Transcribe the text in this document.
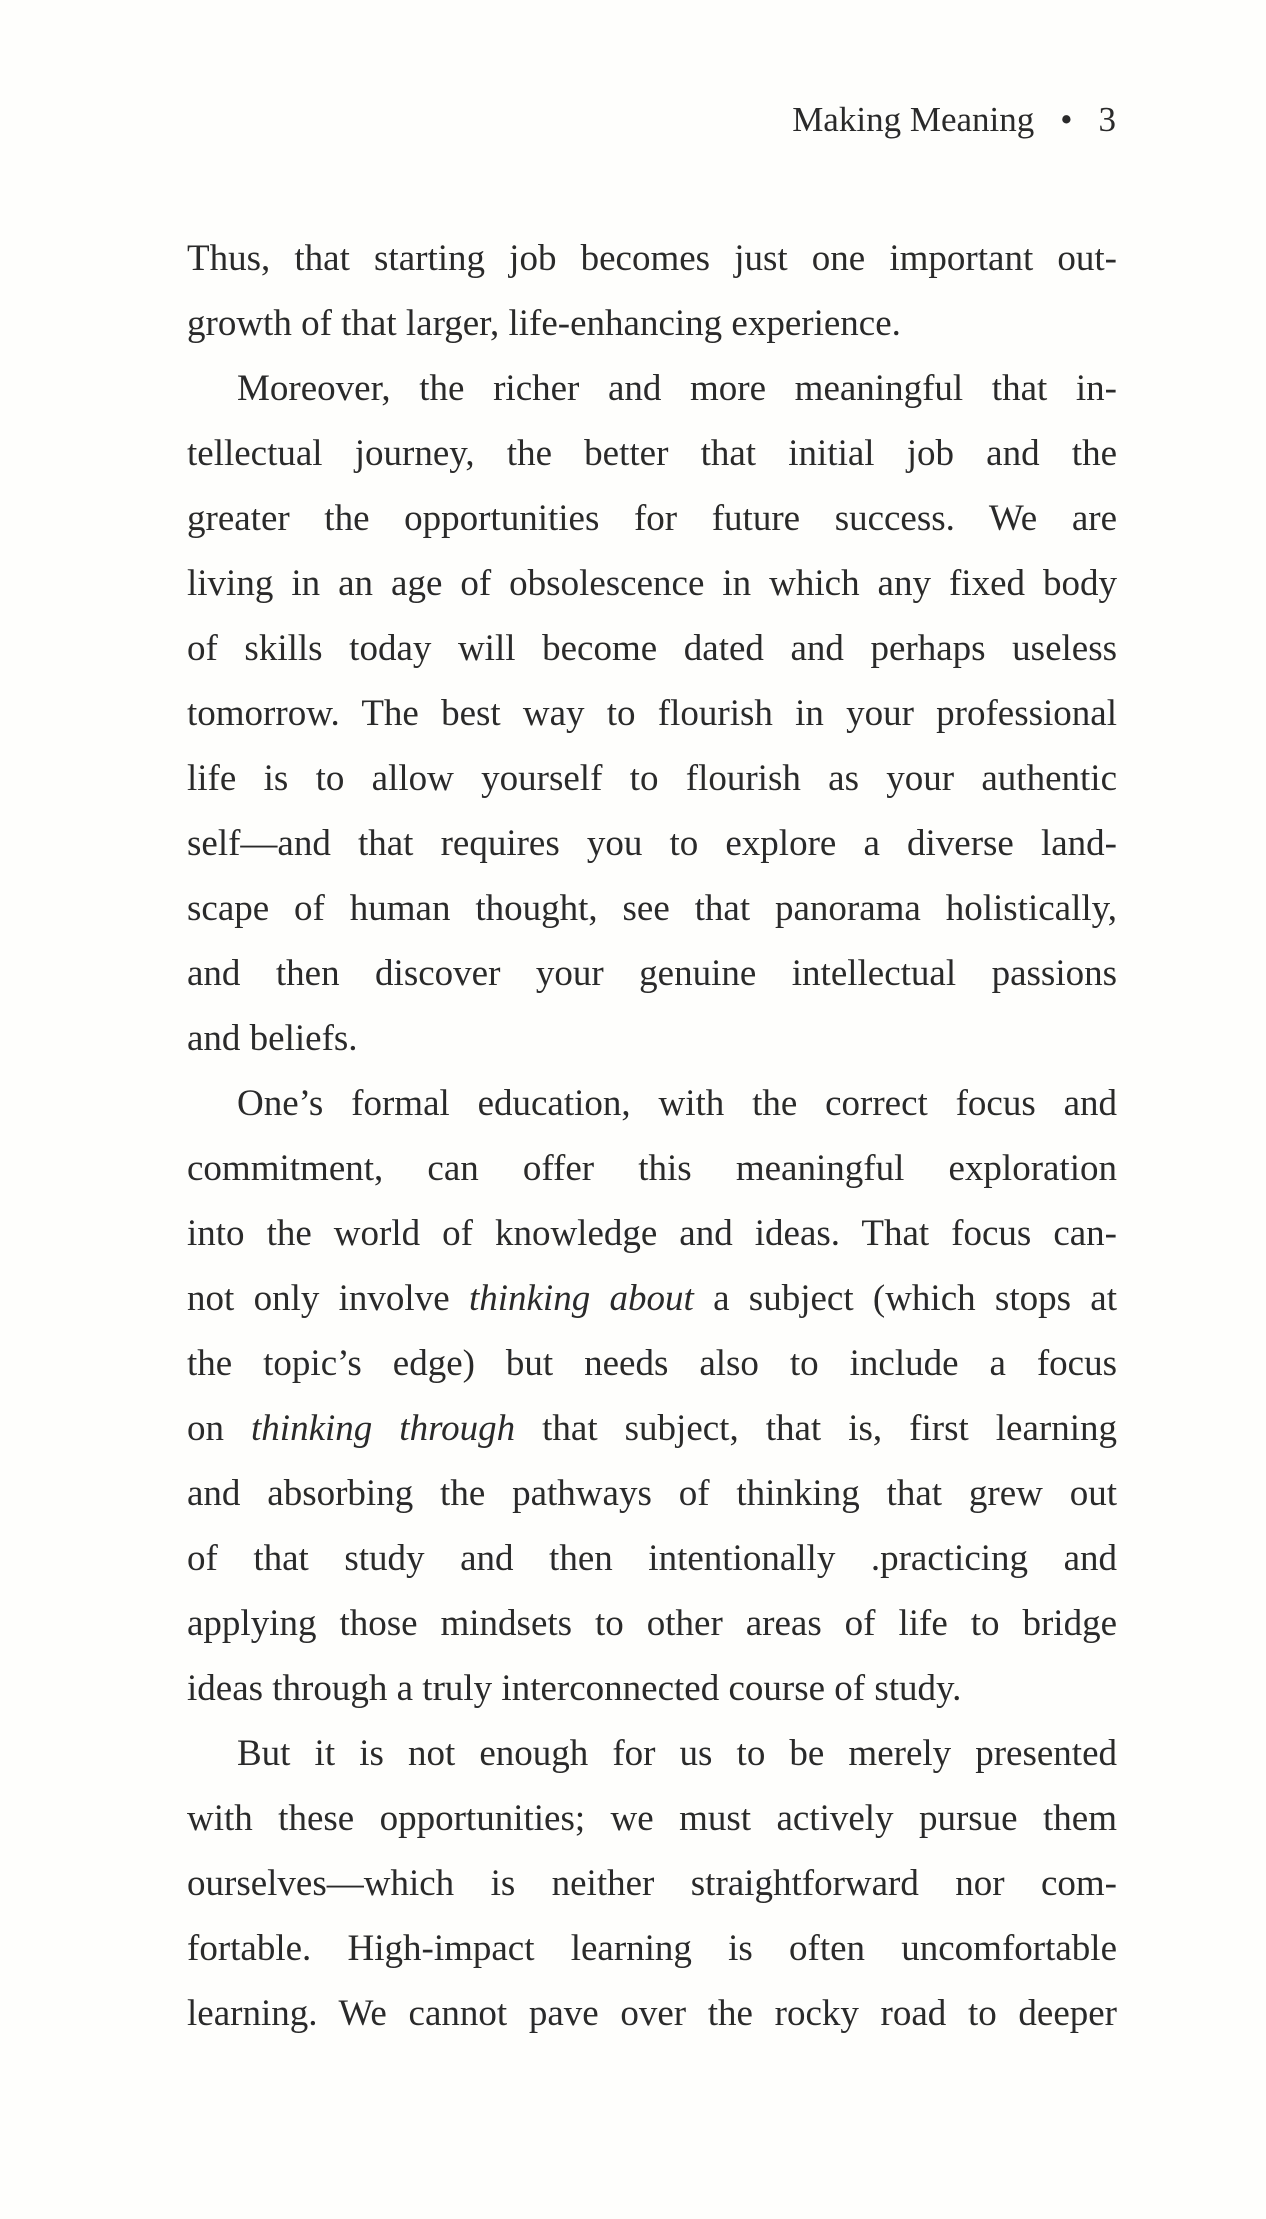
Making Meaning • 3
Thus, that starting job becomes just one important out-
growth of that larger, life-enhancing experience.
Moreover, the richer and more meaningful that in-
tellectual journey, the better that initial job and the
greater the opportunities for future success. We are
living in an age of obsolescence in which any fixed body
of skills today will become dated and perhaps useless
tomorrow. The best way to flourish in your professional
life is to allow yourself to flourish as your authentic
self—and that requires you to explore a diverse land-
scape of human thought, see that panorama holistically,
and then discover your genuine intellectual passions
and beliefs.
One’s formal education, with the correct focus and
commitment, can offer this meaningful exploration
into the world of knowledge and ideas. That focus can-
not only involve thinking about a subject (which stops at
the topic’s edge) but needs also to include a focus
on thinking through that subject, that is, first learning
and absorbing the pathways of thinking that grew out
of that study and then intentionally .practicing and
applying those mindsets to other areas of life to bridge
ideas through a truly interconnected course of study.
But it is not enough for us to be merely presented
with these opportunities; we must actively pursue them
ourselves—which is neither straightforward nor com-
fortable. High-impact learning is often uncomfortable
learning. We cannot pave over the rocky road to deeper
